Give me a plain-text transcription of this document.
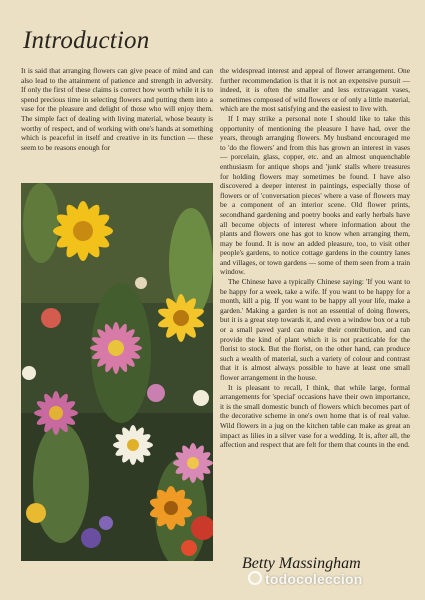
Introduction

It is said that arranging flowers can give peace of mind and can also lead to the attainment of patience and strength in adversity. If only the first of these claims is correct how worth while it is to spend precious time in selecting flowers and putting them into a vase for the pleasure and delight of those who will enjoy them. The simple fact of dealing with living material, whose beauty is worthy of respect, and of working with one's hands at something which is peaceful in itself and creative in its function — these seem to be reasons enough for

the widespread interest and appeal of flower arrangement. One further recommendation is that it is not an expensive pursuit — indeed, it is often the smaller and less extravagant vases, sometimes composed of wild flowers or of only a little material, which are the most satisfying and the easiest to live with.

If I may strike a personal note I should like to take this opportunity of mentioning the pleasure I have had, over the years, through arranging flowers. My husband encouraged me to 'do the flowers' and from this has grown an interest in vases — porcelain, glass, copper, etc. and an almost unquenchable enthusiasm for antique shops and 'junk' stalls where treasures for holding flowers may sometimes be found. I have also discovered a deeper interest in paintings, especially those of flowers or of 'conversation pieces' where a vase of flowers may be a component of an interior scene. Old flower prints, secondhand gardening and poetry books and early herbals have all become objects of interest where information about the plants and flowers one has got to know when arranging them, may be found. It is now an added pleasure, too, to visit other people's gardens, to notice cottage gardens in the country lanes and villages, or town gardens — some of them seen from a train window.

The Chinese have a typically Chinese saying: 'If you want to be happy for a week, take a wife. If you want to be happy for a month, kill a pig. If you want to be happy all your life, make a garden.' Making a garden is not an essential of doing flowers, but it is a great step towards it, and even a window box or a tub or a small paved yard can make their contribution, and can provide the kind of plant which it is not practicable for the florist to stock. But the florist, on the other hand, can produce such a wealth of material, such a variety of colour and contrast that it is almost always possible to have at least one small flower arrangement in the house.

It is pleasant to recall, I think, that while large, formal arrangements for 'special' occasions have their own importance, it is the small domestic bunch of flowers which becomes part of the decorative scheme in one's own home that is of real value. Wild flowers in a jug on the kitchen table can make as great an impact as lilies in a silver vase for a wedding. It is, after all, the affection and respect that are felt for them that counts in the end.

Betty Massingham
todocoleccion
